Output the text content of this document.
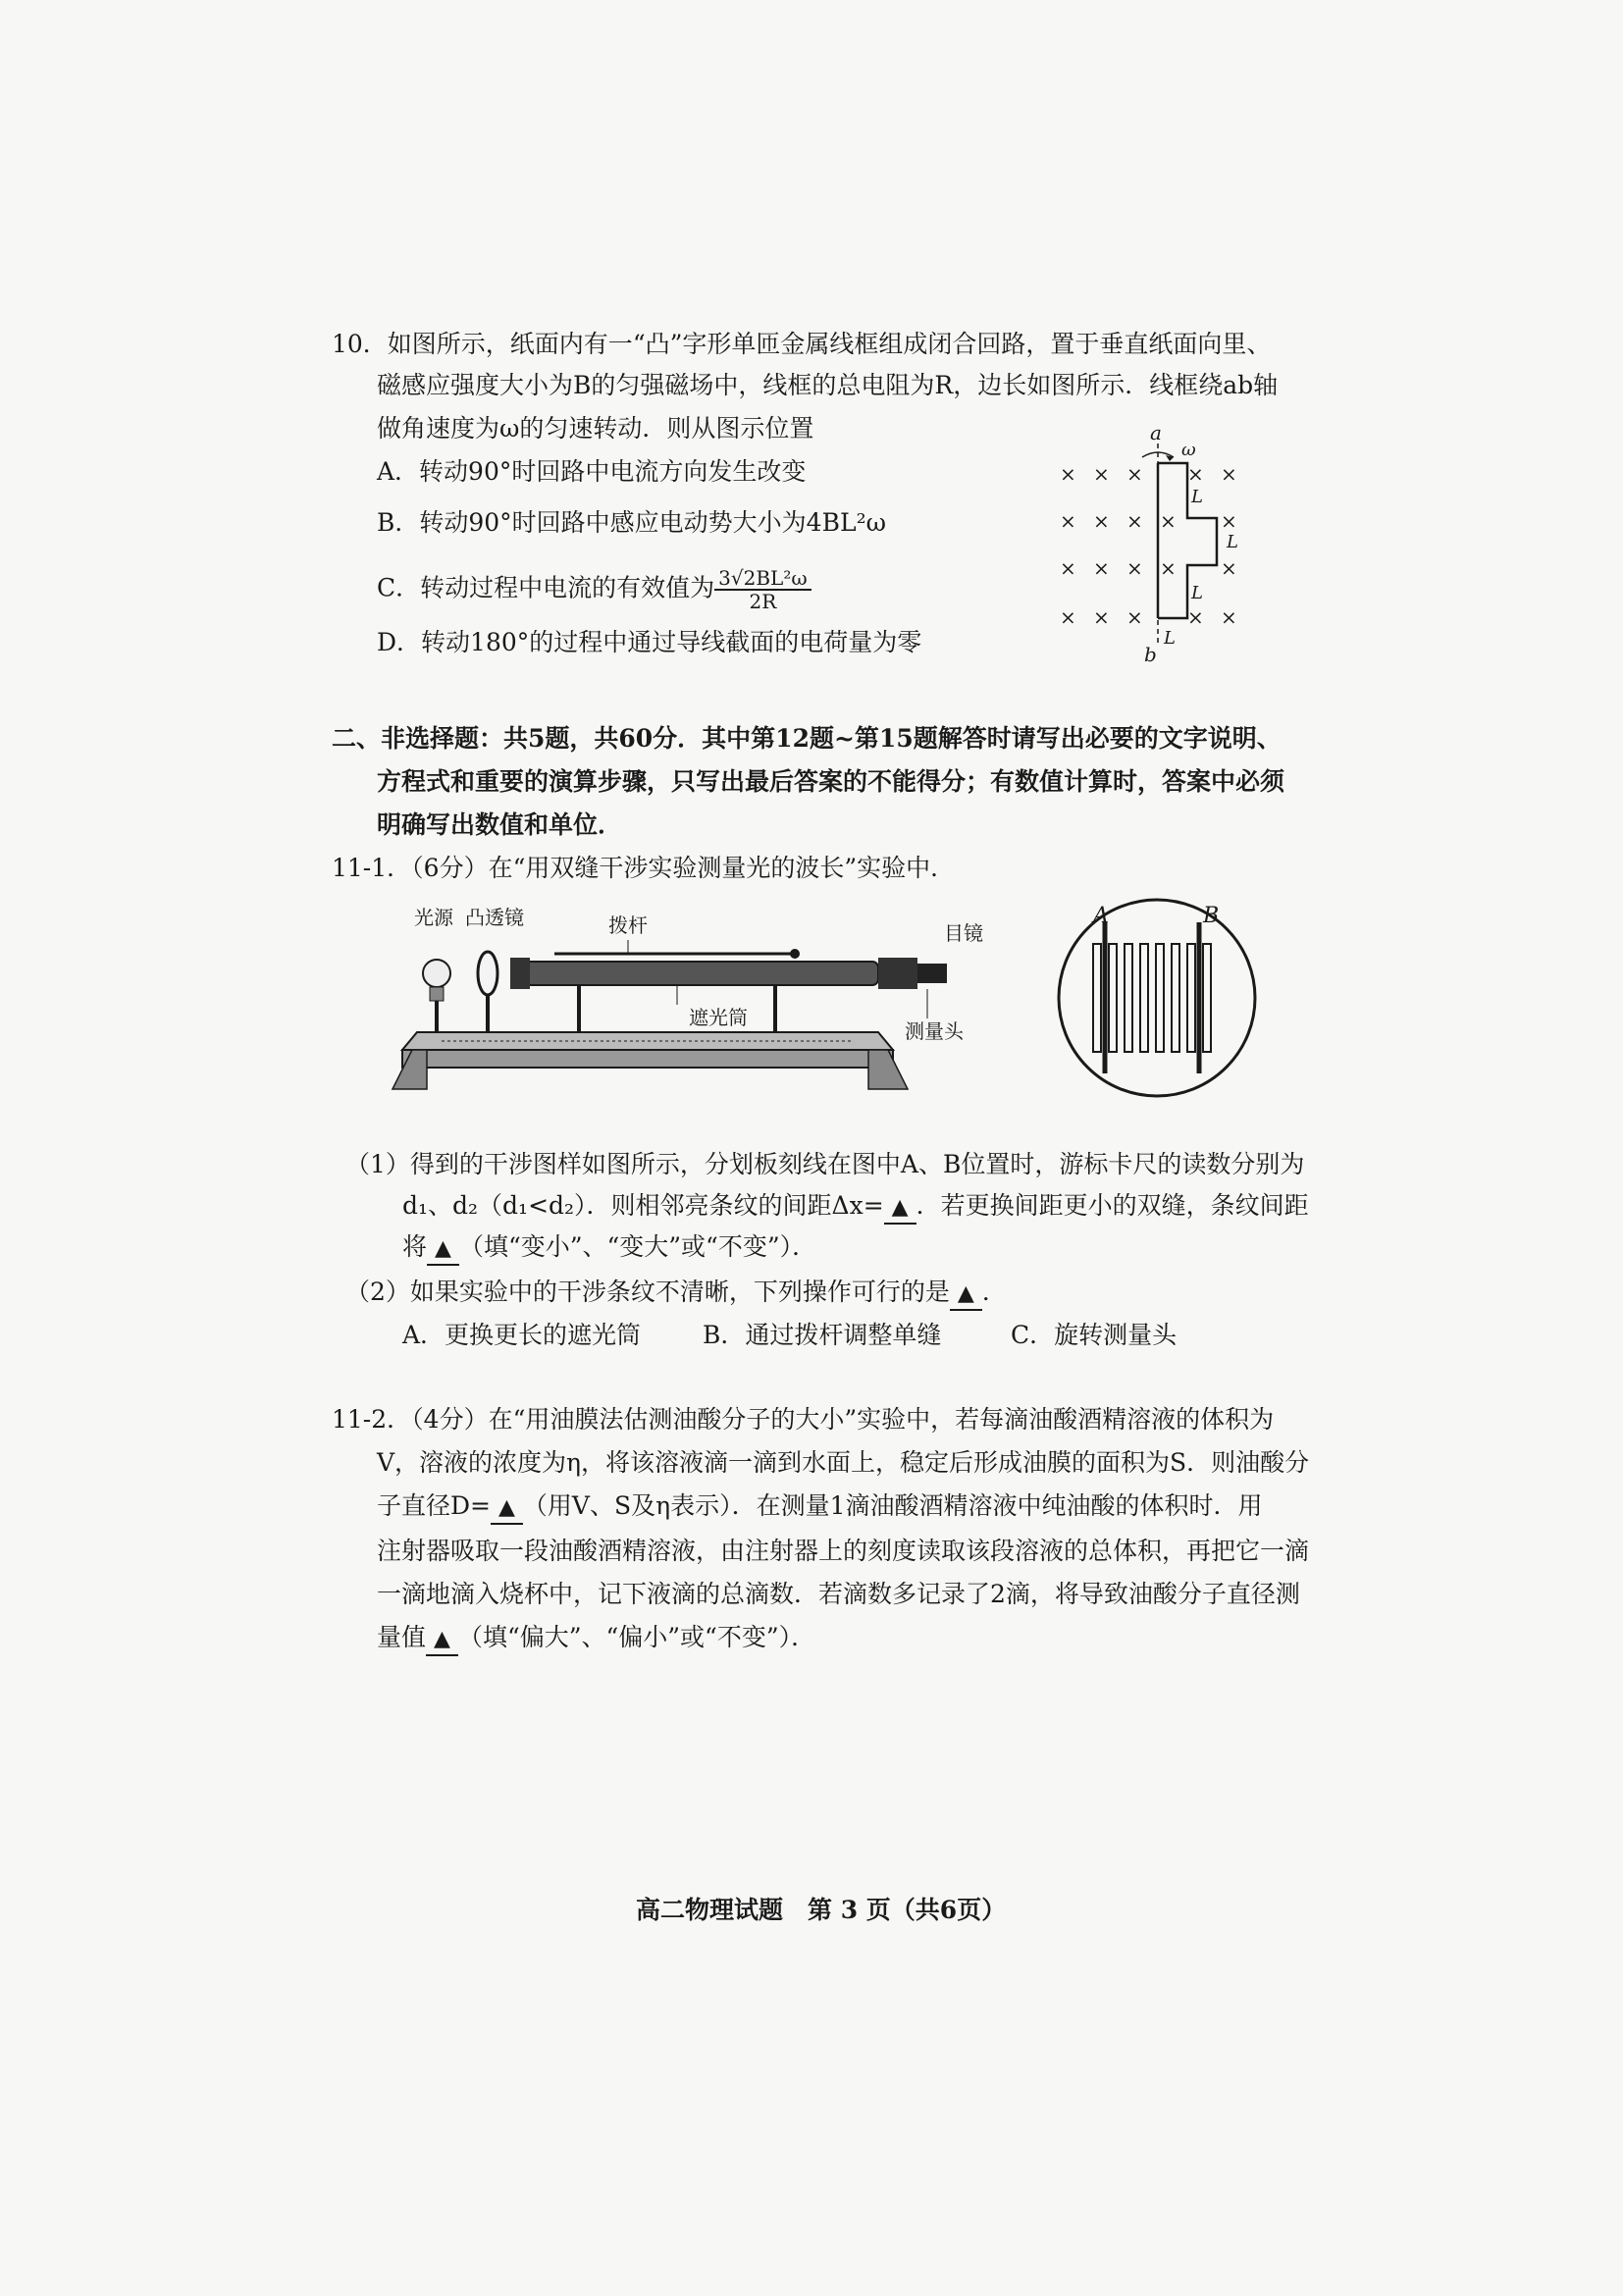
10．如图所示，纸面内有一“凸”字形单匝金属线框组成闭合回路，置于垂直纸面向里、
磁感应强度大小为B的匀强磁场中，线框的总电阻为R，边长如图所示．线框绕ab轴
做角速度为ω的匀速转动．则从图示位置
A．转动90°时回路中电流方向发生改变
B．转动90°时回路中感应电动势大小为4BL²ω
C．转动过程中电流的有效值为 $\frac{\text{3√2BL²ω}}{2R}$
D．转动180°的过程中通过导线截面的电荷量为零
× × × × ×
× × × × ×
× × × × ×
× × × × ×
a
ω
L
L
L
L
b
二、非选择题：共5题，共60分．其中第12题~第15题解答时请写出必要的文字说明、
方程式和重要的演算步骤，只写出最后答案的不能得分；有数值计算时，答案中必须
明确写出数值和单位．
11-1．（6分）在“用双缝干涉实验测量光的波长”实验中．
光源 凸透镜	拨杆	目镜
遮光筒
测量头
A	B
（1）得到的干涉图样如图所示，分划板刻线在图中A、B位置时，游标卡尺的读数分别为
d₁、d₂（d₁<d₂）．则相邻亮条纹的间距Δx= ▲ ．若更换间距更小的双缝，条纹间距
将 ▲ （填“变小”、“变大”或“不变”）．
（2）如果实验中的干涉条纹不清晰，下列操作可行的是 ▲ ．
A．更换更长的遮光筒	B．通过拨杆调整单缝	C．旋转测量头
11-2．（4分）在“用油膜法估测油酸分子的大小”实验中，若每滴油酸酒精溶液的体积为
V，溶液的浓度为η，将该溶液滴一滴到水面上，稳定后形成油膜的面积为S．则油酸分
子直径D= ▲ （用V、S及η表示）．在测量1滴油酸酒精溶液中纯油酸的体积时．用
注射器吸取一段油酸酒精溶液，由注射器上的刻度读取该段溶液的总体积，再把它一滴
一滴地滴入烧杯中，记下液滴的总滴数．若滴数多记录了2滴，将导致油酸分子直径测
量值 ▲ （填“偏大”、“偏小”或“不变”）．
高二物理试题　第 3 页（共6页）
